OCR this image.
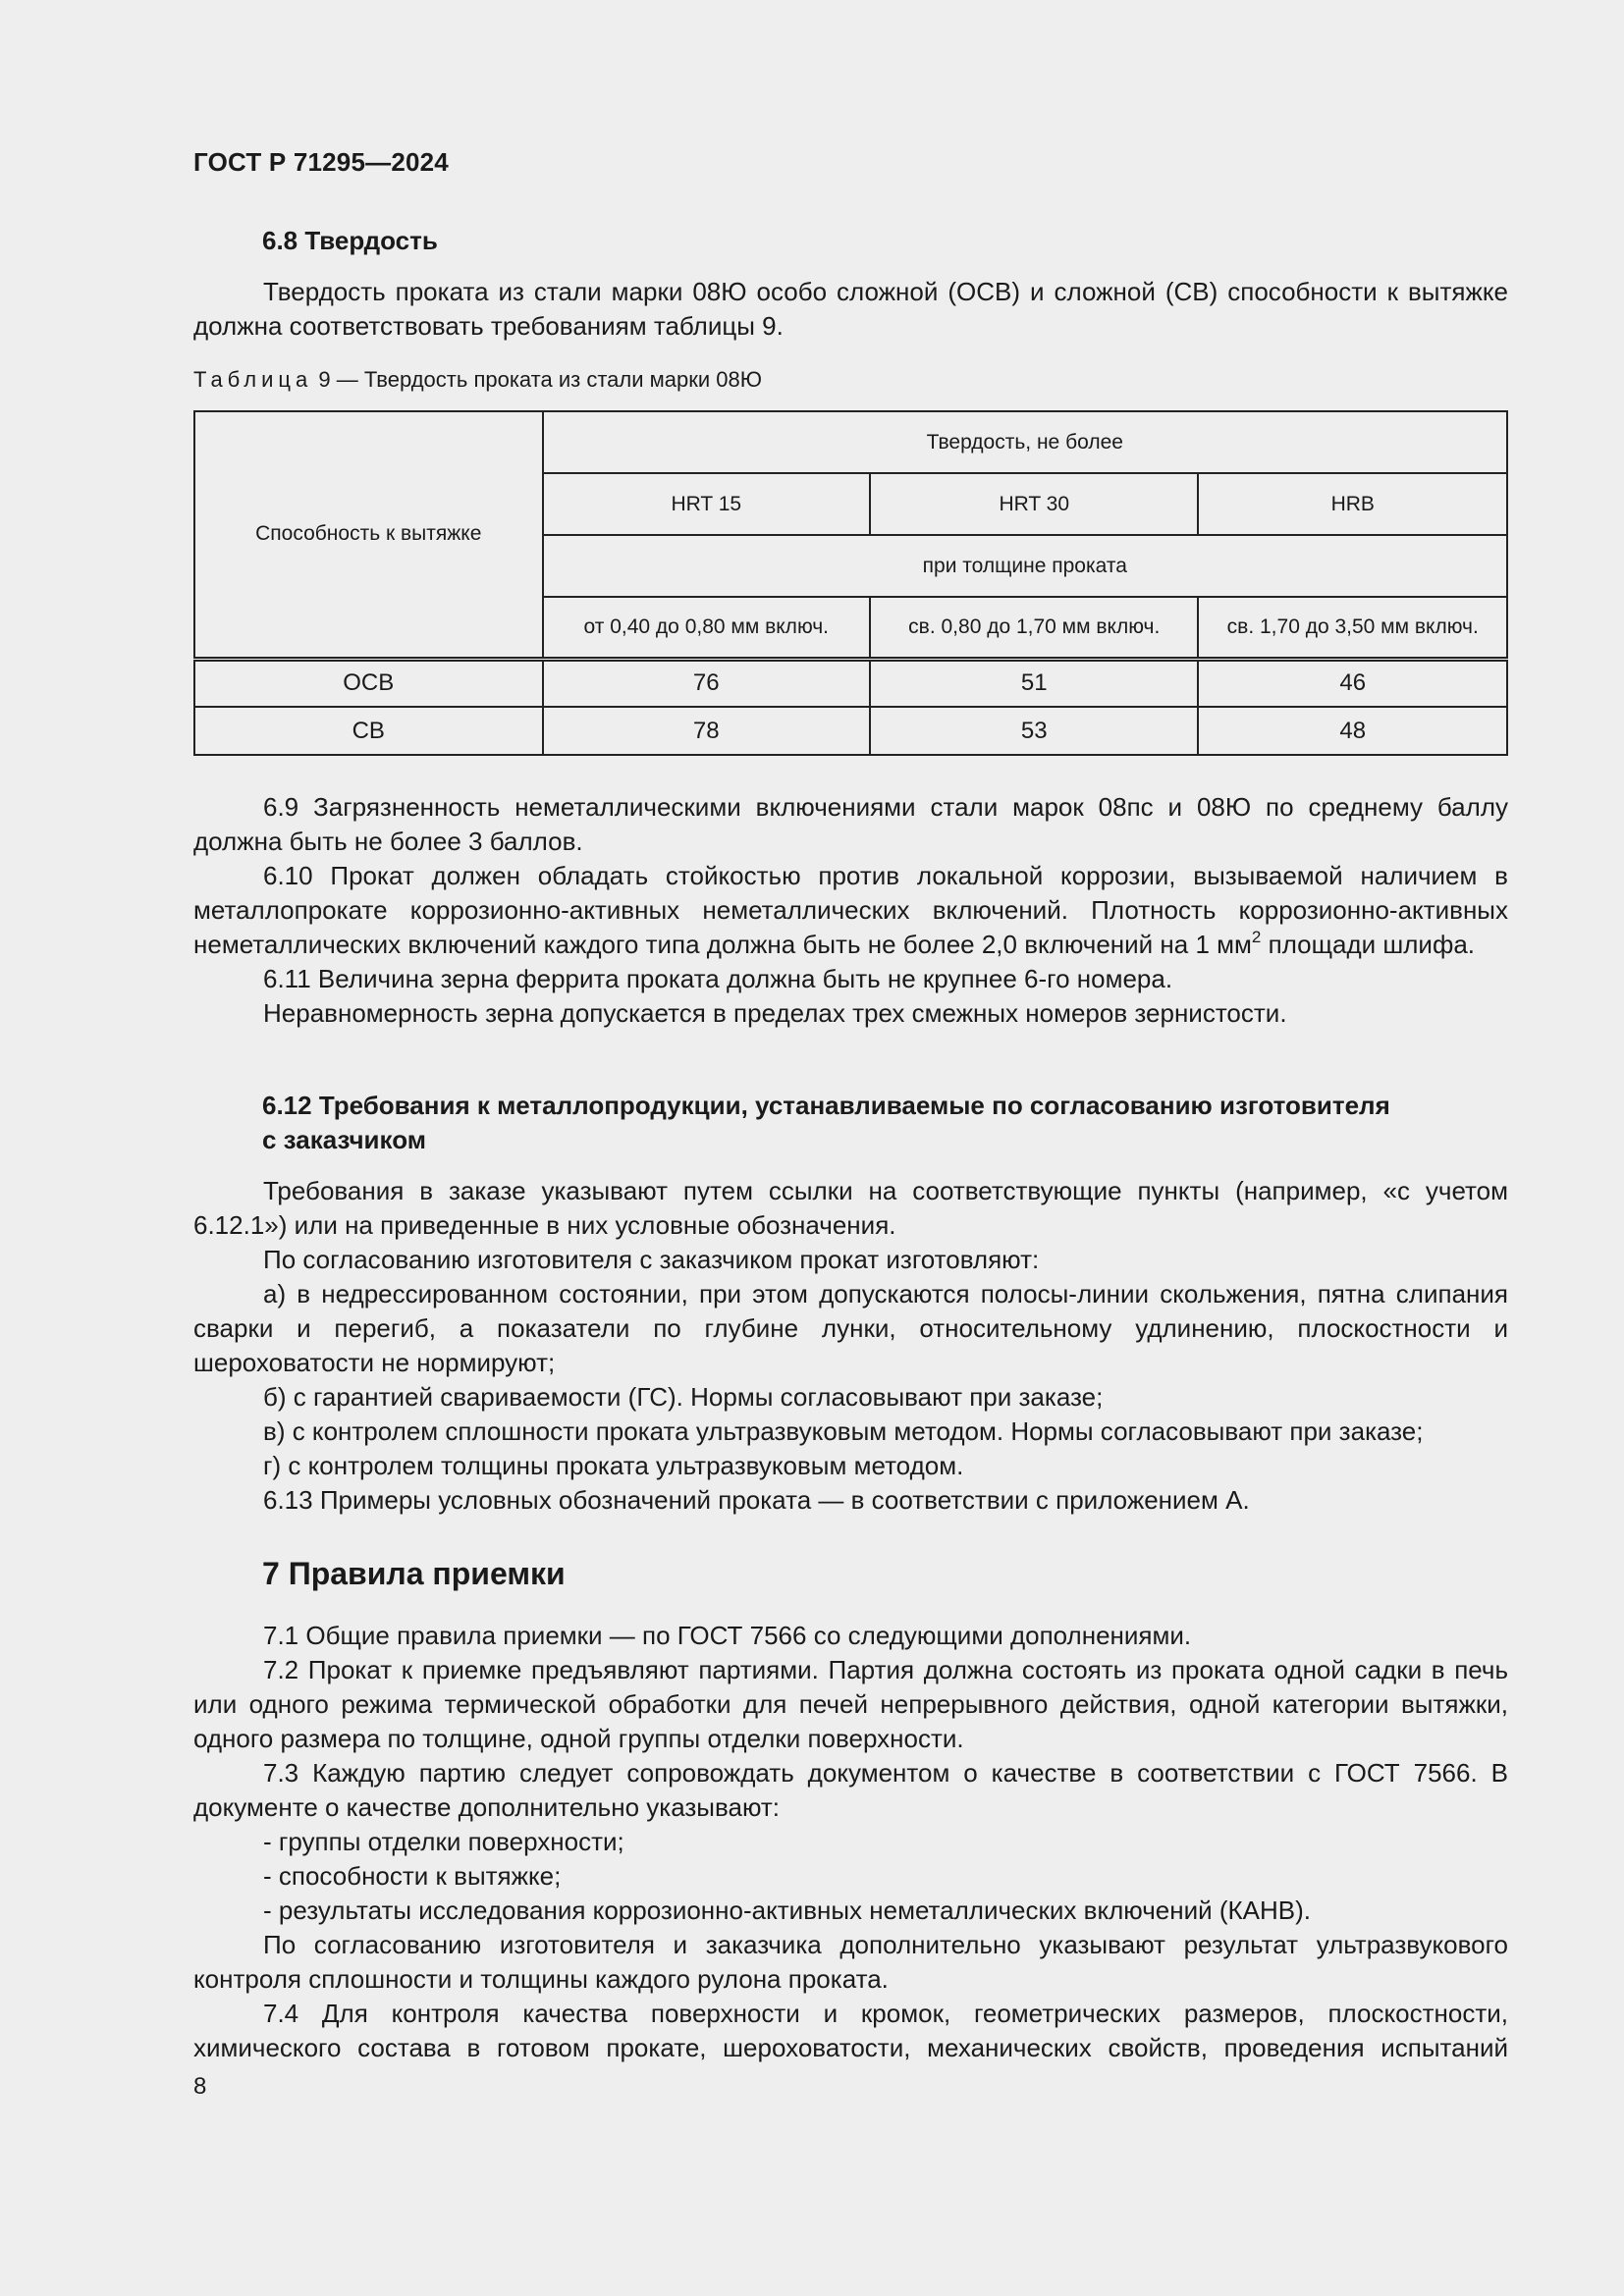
ГОСТ Р 71295—2024
6.8 Твердость

Твердость проката из стали марки 08Ю особо сложной (ОСВ) и сложной (СВ) способности к вытяжке должна соответствовать требованиям таблицы 9.

Таблица 9 — Твердость проката из стали марки 08Ю
Способность к вытяжке	Твердость, не более		
	HRT 15	HRT 30	HRB
	при толщине проката		
	от 0,40 до 0,80 мм включ.	св. 0,80 до 1,70 мм включ.	св. 1,70 до 3,50 мм включ.
ОСВ	76	51	46
СВ	78	53	48

6.9 Загрязненность неметаллическими включениями стали марок 08пс и 08Ю по среднему баллу должна быть не более 3 баллов.

6.10 Прокат должен обладать стойкостью против локальной коррозии, вызываемой наличием в металлопрокате коррозионно-активных неметаллических включений. Плотность коррозионно-активных неметаллических включений каждого типа должна быть не более 2,0 включений на 1 $мм^2$ площади шлифа.

6.11 Величина зерна феррита проката должна быть не крупнее 6-го номера.

Неравномерность зерна допускается в пределах трех смежных номеров зернистости.

6.12 Требования к металлопродукции, устанавливаемые по согласованию изготовителя
с заказчиком

Требования в заказе указывают путем ссылки на соответствующие пункты (например, «с учетом 6.12.1») или на приведенные в них условные обозначения.

По согласованию изготовителя с заказчиком прокат изготовляют:

а) в недрессированном состоянии, при этом допускаются полосы-линии скольжения, пятна слипания сварки и перегиб, а показатели по глубине лунки, относительному удлинению, плоскостности и шероховатости не нормируют;

б) с гарантией свариваемости (ГС). Нормы согласовывают при заказе;

в) с контролем сплошности проката ультразвуковым методом. Нормы согласовывают при заказе;

г) с контролем толщины проката ультразвуковым методом.

6.13 Примеры условных обозначений проката — в соответствии с приложением А.

7 Правила приемки

7.1 Общие правила приемки — по ГОСТ 7566 со следующими дополнениями.

7.2 Прокат к приемке предъявляют партиями. Партия должна состоять из проката одной садки в печь или одного режима термической обработки для печей непрерывного действия, одной категории вытяжки, одного размера по толщине, одной группы отделки поверхности.

7.3 Каждую партию следует сопровождать документом о качестве в соответствии с ГОСТ 7566. В документе о качестве дополнительно указывают:

- группы отделки поверхности;

- способности к вытяжке;

- результаты исследования коррозионно-активных неметаллических включений (КАНВ).

По согласованию изготовителя и заказчика дополнительно указывают результат ультразвукового контроля сплошности и толщины каждого рулона проката.

7.4 Для контроля качества поверхности и кромок, геометрических размеров, плоскостности, химического состава в готовом прокате, шероховатости, механических свойств, проведения испытаний

8
